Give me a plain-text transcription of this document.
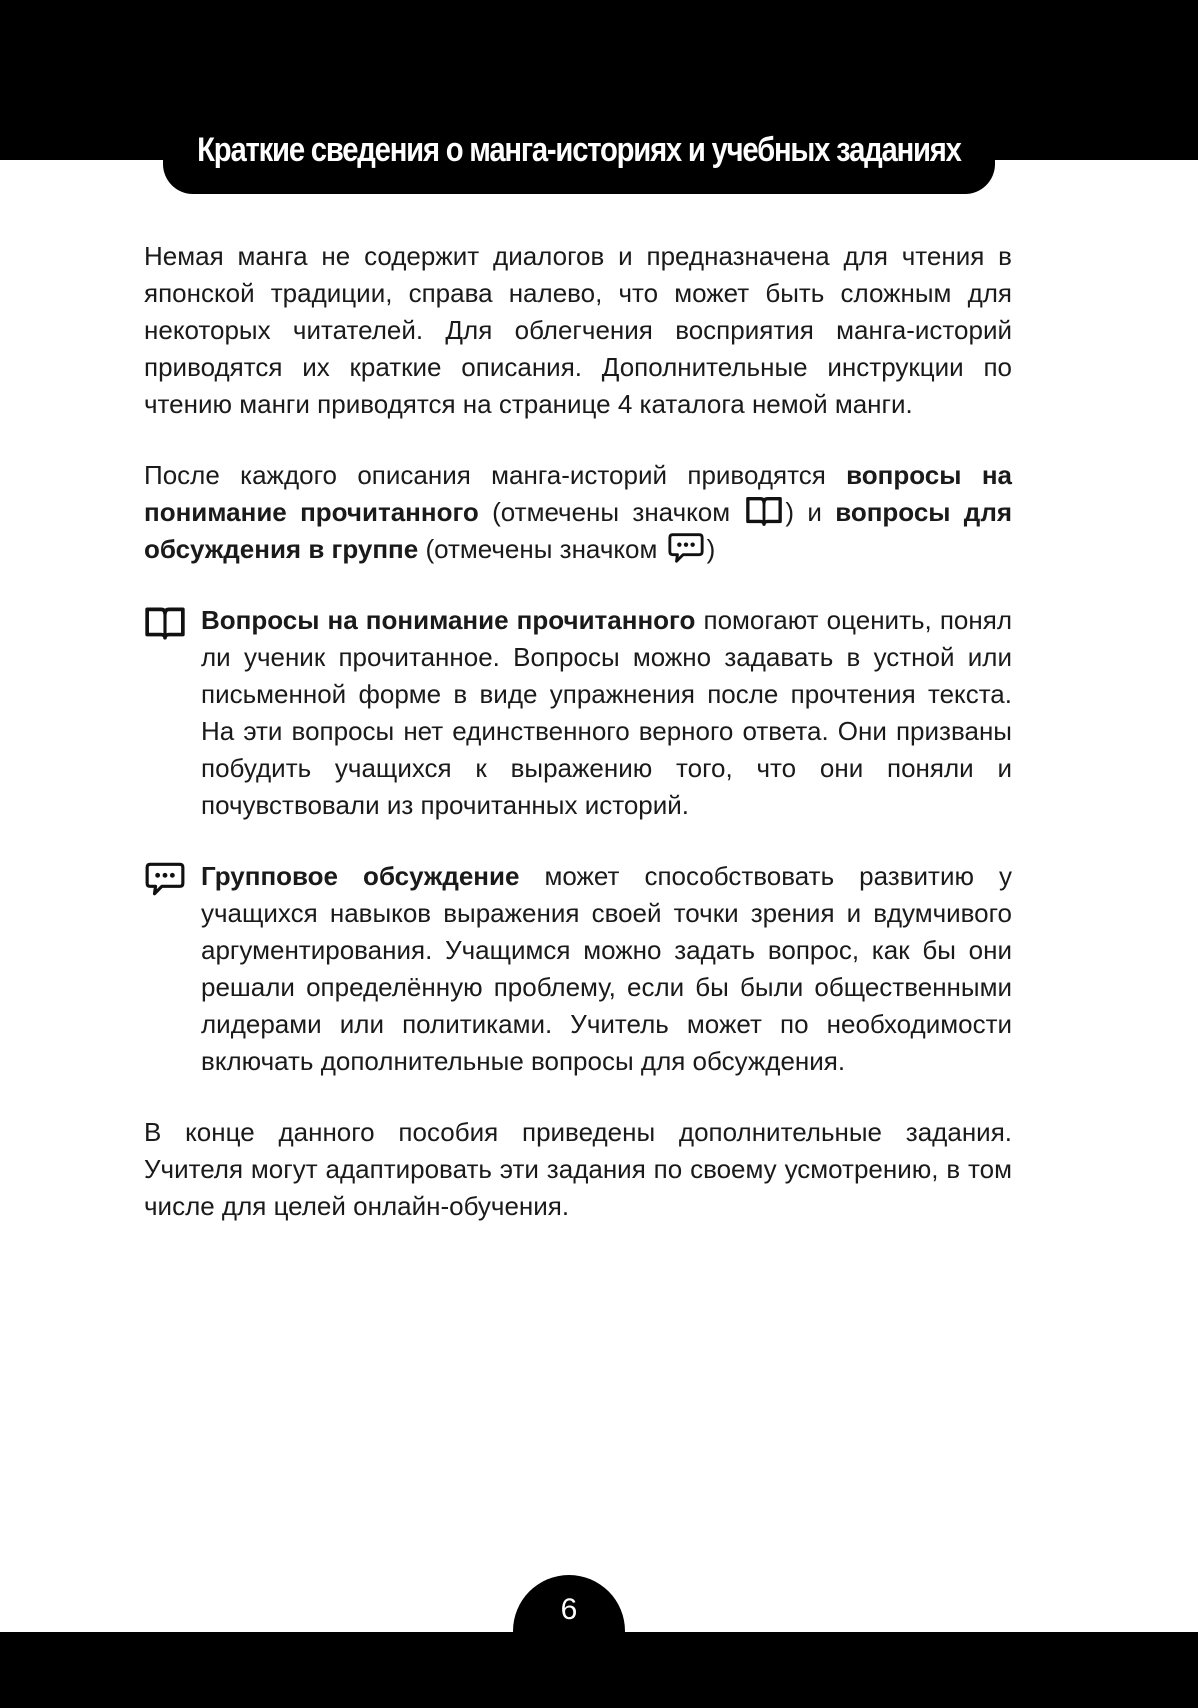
Краткие сведения о манга-историях и учебных заданиях

Немая манга не содержит диалогов и предназначена для чтения в японской традиции, справа налево, что может быть сложным для некоторых читателей. Для облегчения восприятия манга-историй приводятся их краткие описания. Дополнительные инструкции по чтению манги приводятся на странице 4 каталога немой манги.

После каждого описания манга-историй приводятся вопросы на понимание прочитанного (отмечены значком ) и вопросы для обсуждения в группе (отмечены значком )

Вопросы на понимание прочитанного помогают оценить, понял ли ученик прочитанное. Вопросы можно задавать в устной или письменной форме в виде упражнения после прочтения текста. На эти вопросы нет единственного верного ответа. Они призваны побудить учащихся к выражению того, что они поняли и почувствовали из прочитанных историй.

Групповое обсуждение может способствовать развитию у учащихся навыков выражения своей точки зрения и вдумчивого аргументирования. Учащимся можно задать вопрос, как бы они решали определённую проблему, если бы были общественными лидерами или политиками. Учитель может по необходимости включать дополнительные вопросы для обсуждения.

В конце данного пособия приведены дополнительные задания. Учителя могут адаптировать эти задания по своему усмотрению, в том числе для целей онлайн-обучения.

6
